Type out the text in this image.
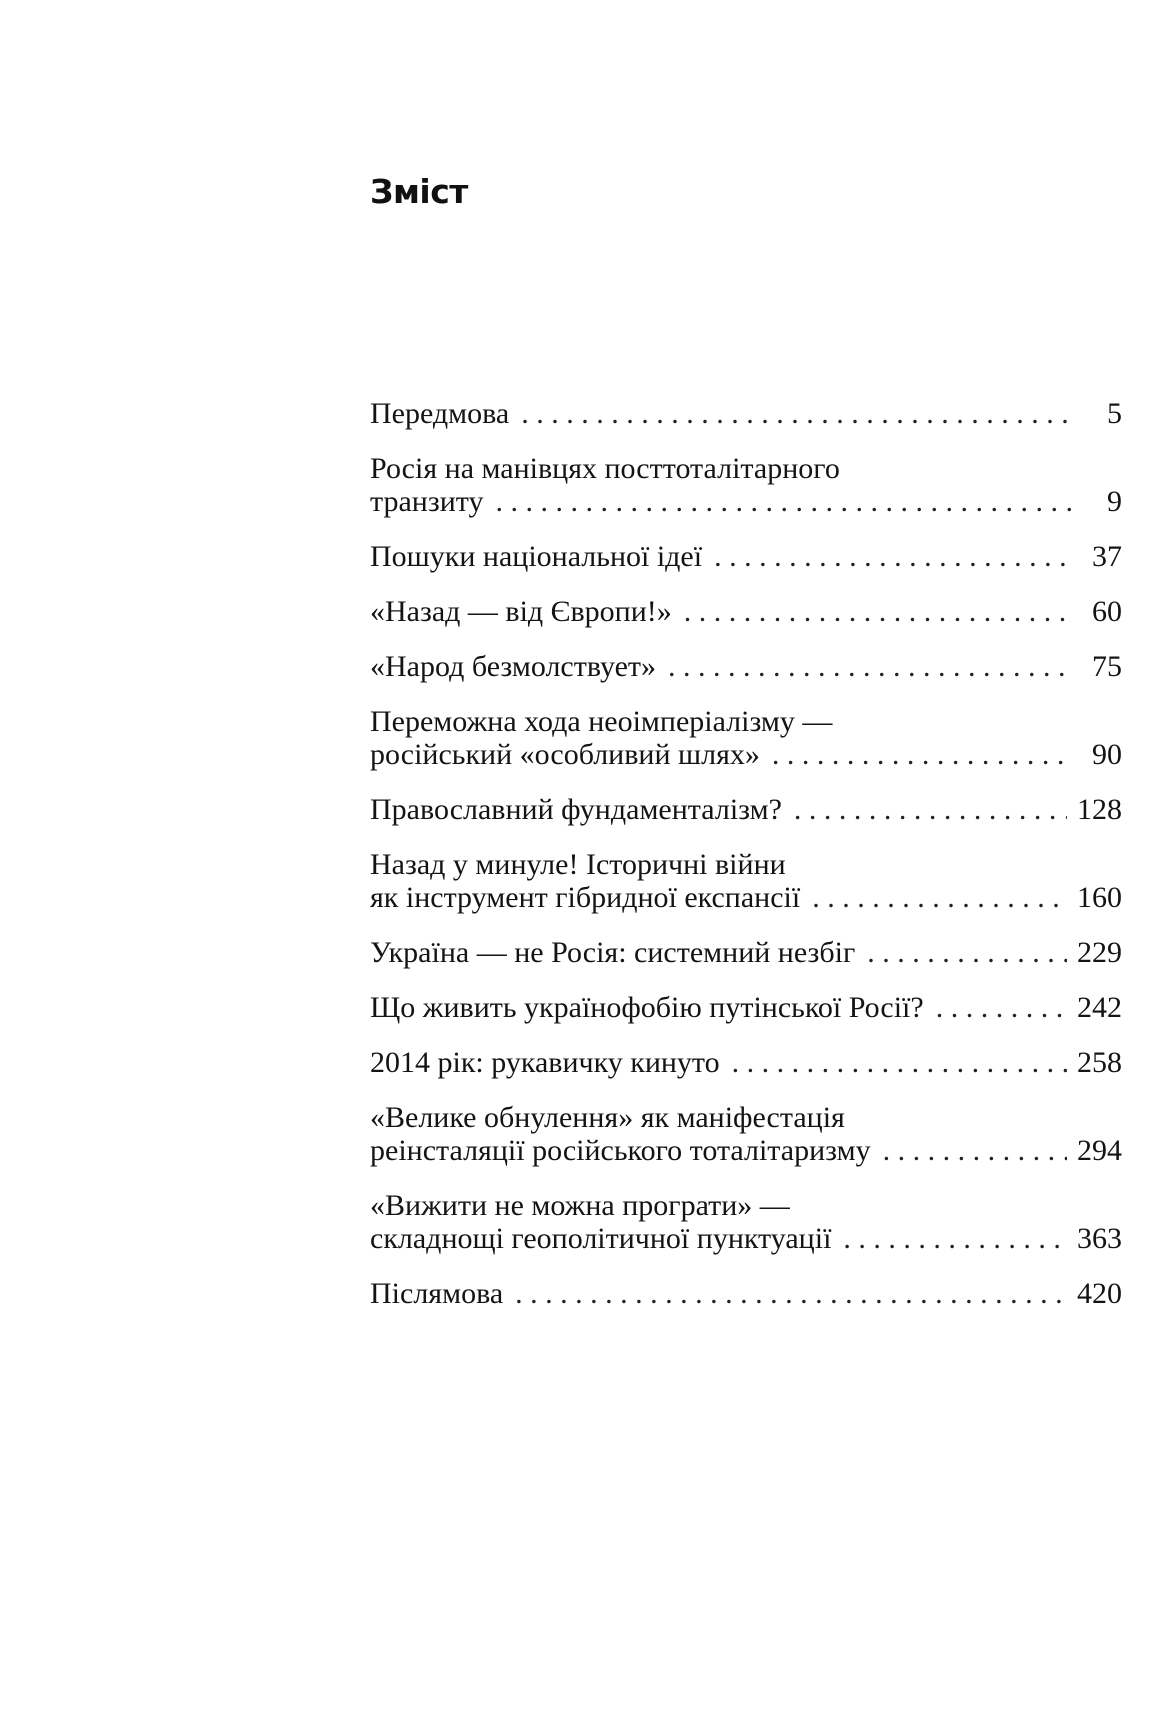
Зміст
Передмова . . .	5
Росія на манівцях посттоталітарного
транзиту . . .	9
Пошуки національної ідеї . . .	37
«Назад — від Європи!» . . .	60
«Народ безмолствует» . . .	75
Переможна хода неоімперіалізму —
російський «особливий шлях» . . .	90
Православний фундаменталізм? . . .	128
Назад у минуле! Історичні війни
як інструмент гібридної експансії . . .	160
Україна — не Росія: системний незбіг . . .	229
Що живить українофобію путінської Росії? . . .	242
2014 рік: рукавичку кинуто . . .	258
«Велике обнулення» як маніфестація
реінсталяції російського тоталітаризму . . .	294
«Вижити не можна програти» —
складнощі геополітичної пунктуації . . .	363
Післямова . . .	420
